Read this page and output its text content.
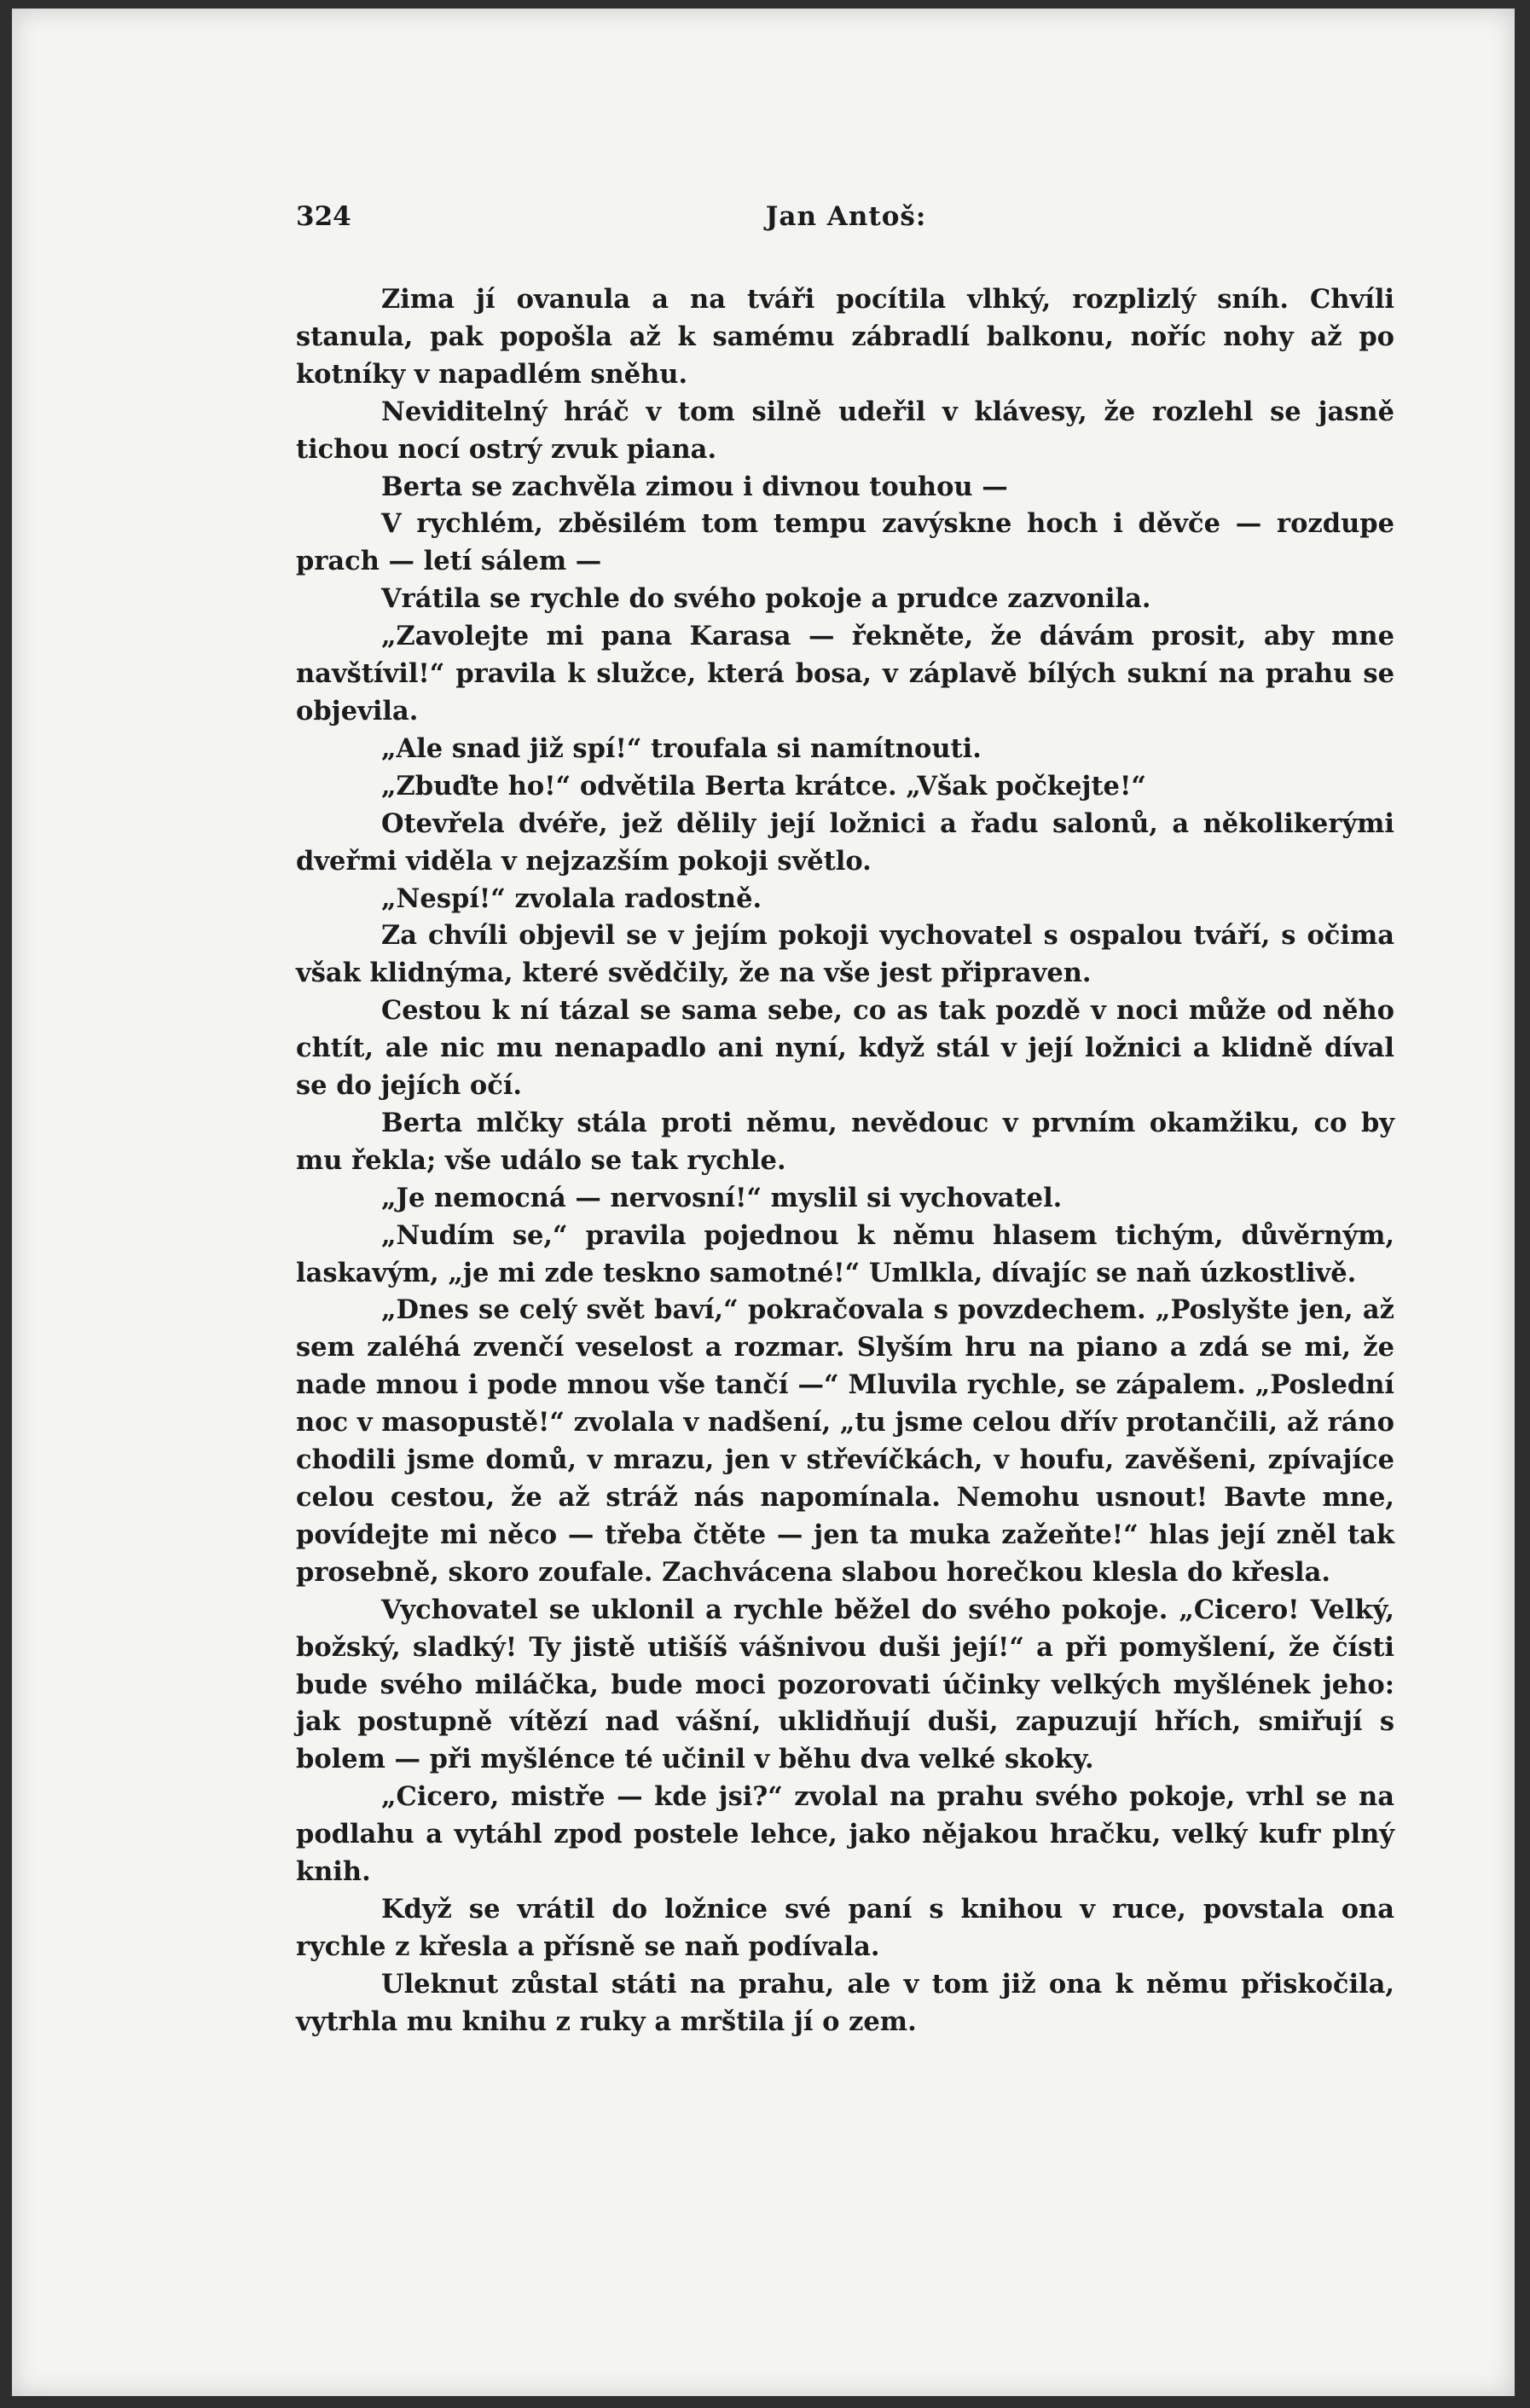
324	Jan Antoš:

Zima jí ovanula a na tváři pocítila vlhký, rozplizlý sníh. Chvíli stanula, pak popošla až k samému zábradlí balkonu, noříc nohy až po kotníky v napadlém sněhu.

Neviditelný hráč v tom silně udeřil v klávesy, že rozlehl se jasně tichou nocí ostrý zvuk piana.

Berta se zachvěla zimou i divnou touhou —

V rychlém, zběsilém tom tempu zavýskne hoch i děvče — rozdupe prach — letí sálem —

Vrátila se rychle do svého pokoje a prudce zazvonila.

„Zavolejte mi pana Karasa — řekněte, že dávám prosit, aby mne navštívil!“ pravila k služce, která bosa, v záplavě bílých sukní na prahu se objevila.

„Ale snad již spí!“ troufala si namítnouti.

„Zbuďte ho!“ odvětila Berta krátce. „Však počkejte!“

Otevřela dvéře, jež dělily její ložnici a řadu salonů, a několikerými dveřmi viděla v nejzazším pokoji světlo.

„Nespí!“ zvolala radostně.

Za chvíli objevil se v jejím pokoji vychovatel s ospalou tváří, s očima však klidnýma, které svědčily, že na vše jest připraven.

Cestou k ní tázal se sama sebe, co as tak pozdě v noci může od něho chtít, ale nic mu nenapadlo ani nyní, když stál v její ložnici a klidně díval se do jejích očí.

Berta mlčky stála proti němu, nevědouc v prvním okamžiku, co by mu řekla; vše událo se tak rychle.

„Je nemocná — nervosní!“ myslil si vychovatel.

„Nudím se,“ pravila pojednou k němu hlasem tichým, důvěrným, laskavým, „je mi zde teskno samotné!“ Umlkla, dívajíc se naň úzkostlivě.

„Dnes se celý svět baví,“ pokračovala s povzdechem. „Poslyšte jen, až sem zaléhá zvenčí veselost a rozmar. Slyším hru na piano a zdá se mi, že nade mnou i pode mnou vše tančí —“ Mluvila rychle, se zápalem. „Poslední noc v masopustě!“ zvolala v nadšení, „tu jsme celou dřív protančili, až ráno chodili jsme domů, v mrazu, jen v střevíčkách, v houfu, zavěšeni, zpívajíce celou cestou, že až stráž nás napomínala. Nemohu usnout! Bavte mne, povídejte mi něco — třeba čtěte — jen ta muka zažeňte!“ hlas její zněl tak prosebně, skoro zoufale. Zachvácena slabou horečkou klesla do křesla.

Vychovatel se uklonil a rychle běžel do svého pokoje. „Cicero! Velký, božský, sladký! Ty jistě utišíš vášnivou duši její!“ a při pomyšlení, že čísti bude svého miláčka, bude moci pozorovati účinky velkých myšlének jeho: jak postupně vítězí nad vášní, uklidňují duši, zapuzují hřích, smiřují s bolem — při myšlénce té učinil v běhu dva velké skoky.

„Cicero, mistře — kde jsi?“ zvolal na prahu svého pokoje, vrhl se na podlahu a vytáhl zpod postele lehce, jako nějakou hračku, velký kufr plný knih.

Když se vrátil do ložnice své paní s knihou v ruce, povstala ona rychle z křesla a přísně se naň podívala.

Uleknut zůstal státi na prahu, ale v tom již ona k němu přiskočila, vytrhla mu knihu z ruky a mrštila jí o zem.
